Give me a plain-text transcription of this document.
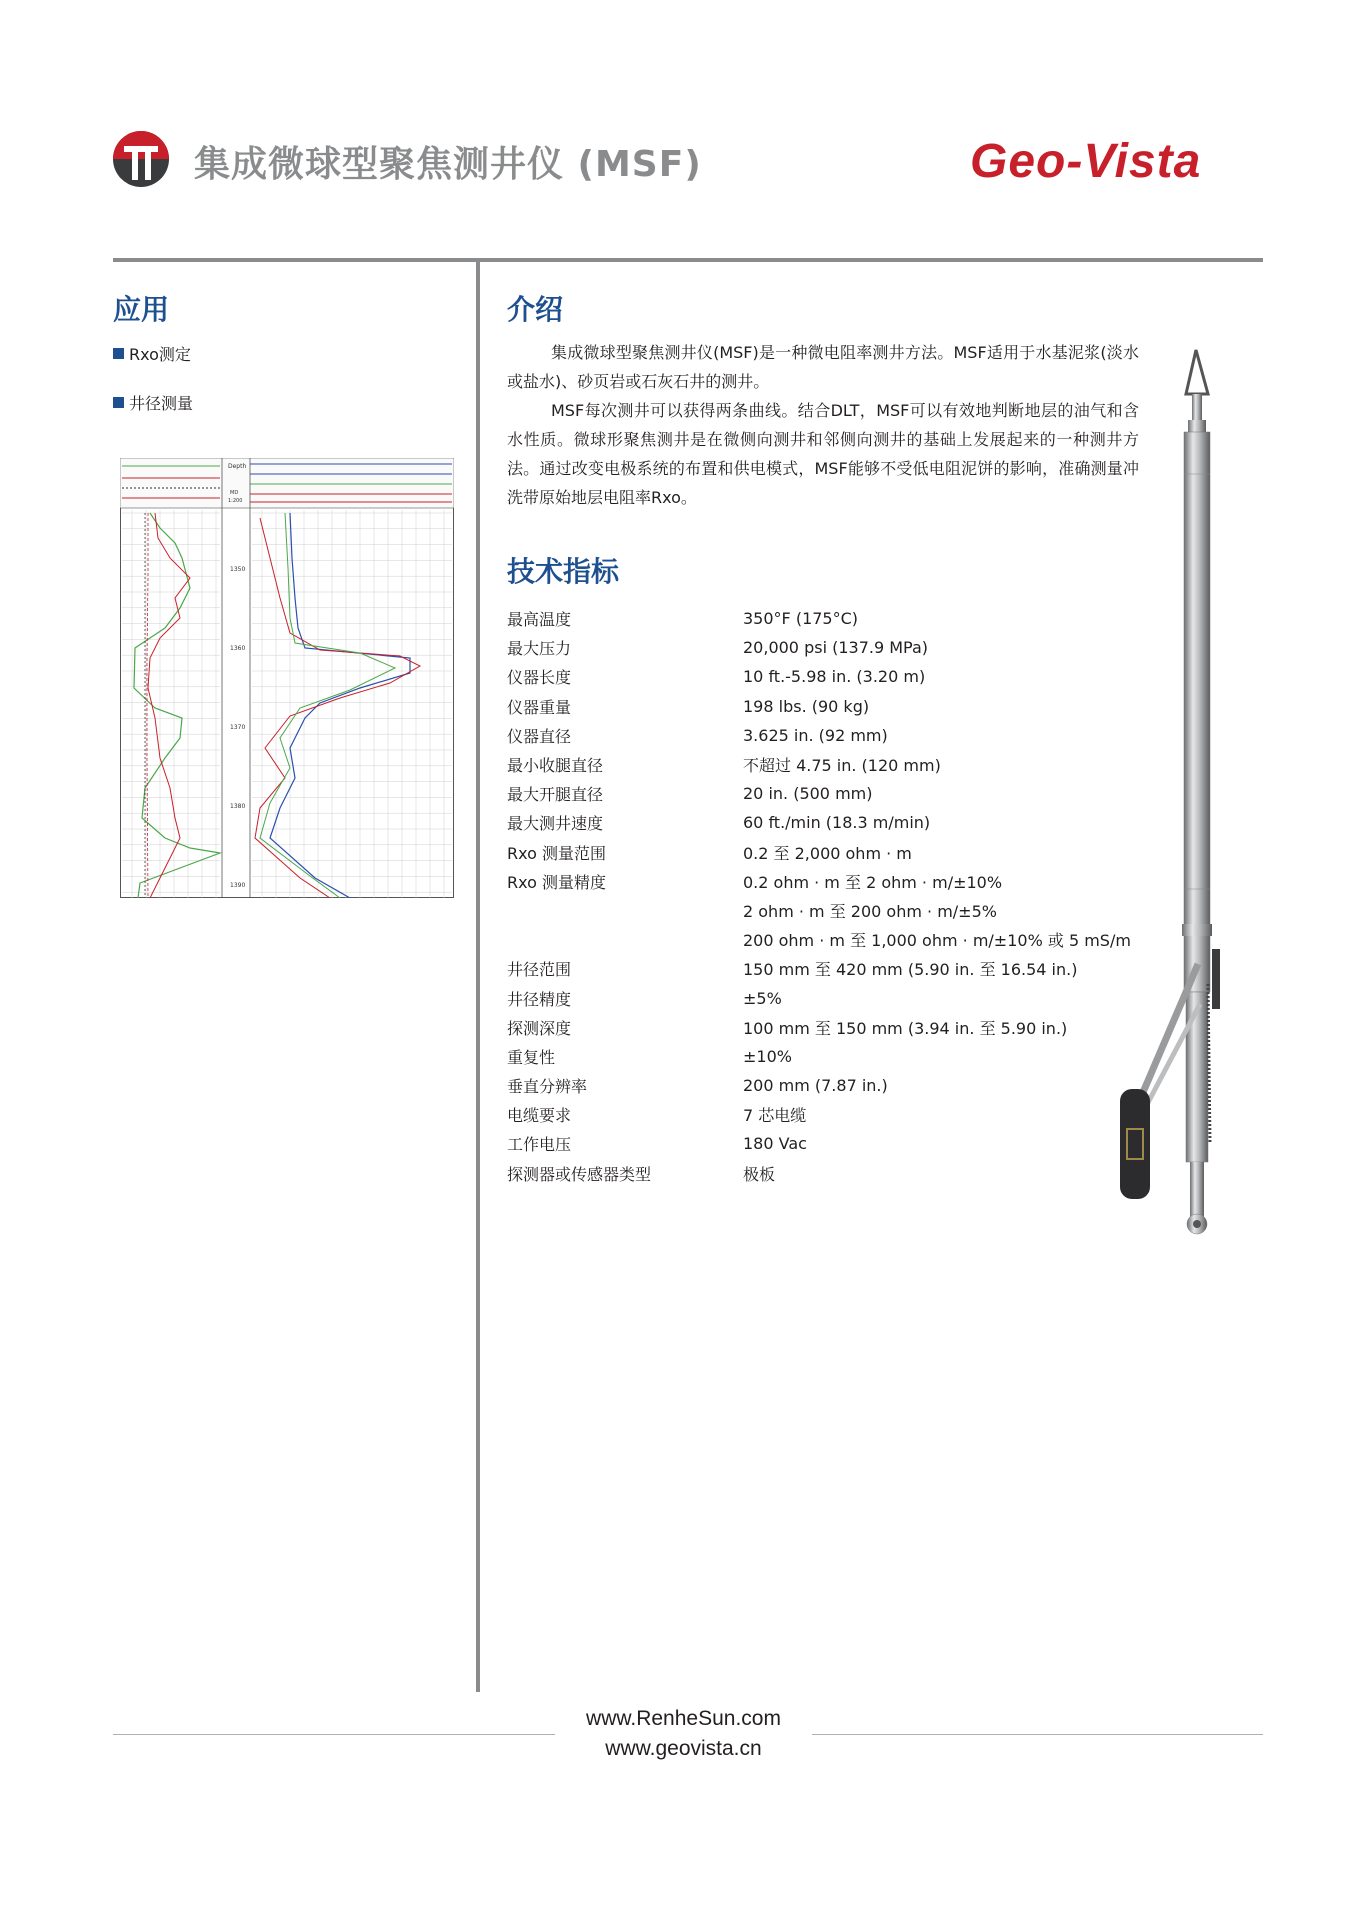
集成微球型聚焦测井仪 (MSF)	Geo-Vista
应用
Rxo测定
井径测量
Depth
MD
1:200
1350
1360
1370
1380
1390
介绍
集成微球型聚焦测井仪(MSF)是一种微电阻率测井方法。MSF适用于水基泥浆(淡水或盐水)、砂页岩或石灰石井的测井。
MSF每次测井可以获得两条曲线。结合DLT，MSF可以有效地判断地层的油气和含水性质。微球形聚焦测井是在微侧向测井和邻侧向测井的基础上发展起来的一种测井方法。通过改变电极系统的布置和供电模式，MSF能够不受低电阻泥饼的影响，准确测量冲洗带原始地层电阻率Rxo。
技术指标
最高温度	350°F (175°C)
最大压力	20,000 psi (137.9 MPa)
仪器长度	10 ft.-5.98 in. (3.20 m)
仪器重量	198 lbs. (90 kg)
仪器直径	3.625 in. (92 mm)
最小收腿直径	不超过 4.75 in. (120 mm)
最大开腿直径	20 in. (500 mm)
最大测井速度	60 ft./min (18.3 m/min)
Rxo 测量范围	0.2 至 2,000 ohm · m
Rxo 测量精度	0.2 ohm · m 至 2 ohm · m/±10%
	2 ohm · m 至 200 ohm · m/±5%
	200 ohm · m 至 1,000 ohm · m/±10% 或 5 mS/m
井径范围	150 mm 至 420 mm (5.90 in. 至 16.54 in.)
井径精度	±5%
探测深度	100 mm 至 150 mm (3.94 in. 至 5.90 in.)
重复性	±10%
垂直分辨率	200 mm (7.87 in.)
电缆要求	7 芯电缆
工作电压	180 Vac
探测器或传感器类型	极板
www.RenheSun.com
www.geovista.cn
